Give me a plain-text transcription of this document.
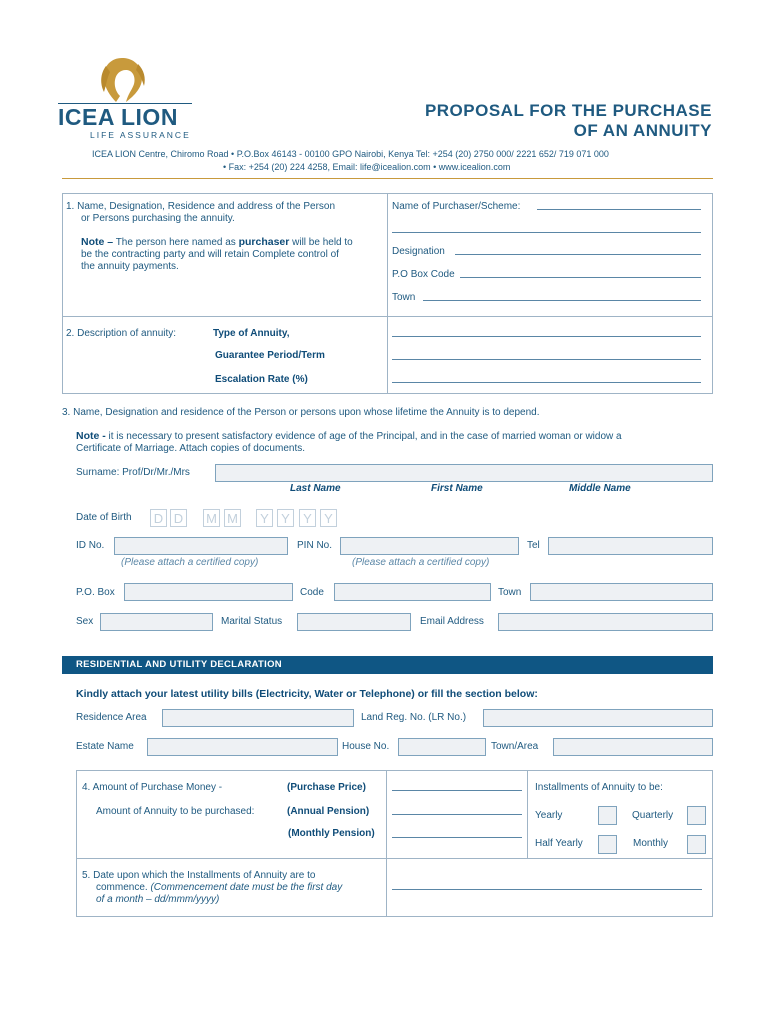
ICEA LION
LIFE ASSURANCE
PROPOSAL FOR THE PURCHASE
OF AN ANNUITY
ICEA LION Centre, Chiromo Road • P.O.Box 46143 - 00100 GPO Nairobi, Kenya Tel: +254 (20) 2750 000/ 2221 652/ 719 071 000
• Fax: +254 (20) 224 4258, Email: life@icealion.com • www.icealion.com
1. Name, Designation, Residence and address of the Person
or Persons purchasing the annuity.
Note – The person here named as purchaser will be held to
be the contracting party and will retain Complete control of
the annuity payments.
Name of Purchaser/Scheme:
Designation
P.O Box Code
Town
2. Description of annuity:	Type of Annuity,
Guarantee Period/Term
Escalation Rate (%)
3. Name, Designation and residence of the Person or persons upon whose lifetime the Annuity is to depend.
Note - it is necessary to present satisfactory evidence of age of the Principal, and in the case of married woman or widow a
Certificate of Marriage. Attach copies of documents.
Surname: Prof/Dr/Mr./Mrs
Last Name	First Name	Middle Name
Date of Birth D D M M	Y Y	Y Y
ID No.	PIN No.	Tel
(Please attach a certified copy)	(Please attach a certified copy)
P.O. Box	Code	Town
Sex	Marital Status	Email Address
RESIDENTIAL AND UTILITY DECLARATION
Kindly attach your latest utility bills (Electricity, Water or Telephone) or fill the section below:
Residence Area	Land Reg. No. (LR No.)
Estate Name	House No.	Town/Area
4. Amount of Purchase Money -	(Purchase Price)
Amount of Annuity to be purchased:	(Annual Pension)
(Monthly Pension)
Installments of Annuity to be:
Yearly	Quarterly
Half Yearly	Monthly
5. Date upon which the Installments of Annuity are to
commence. (Commencement date must be the first day
of a month – dd/mmm/yyyy)
